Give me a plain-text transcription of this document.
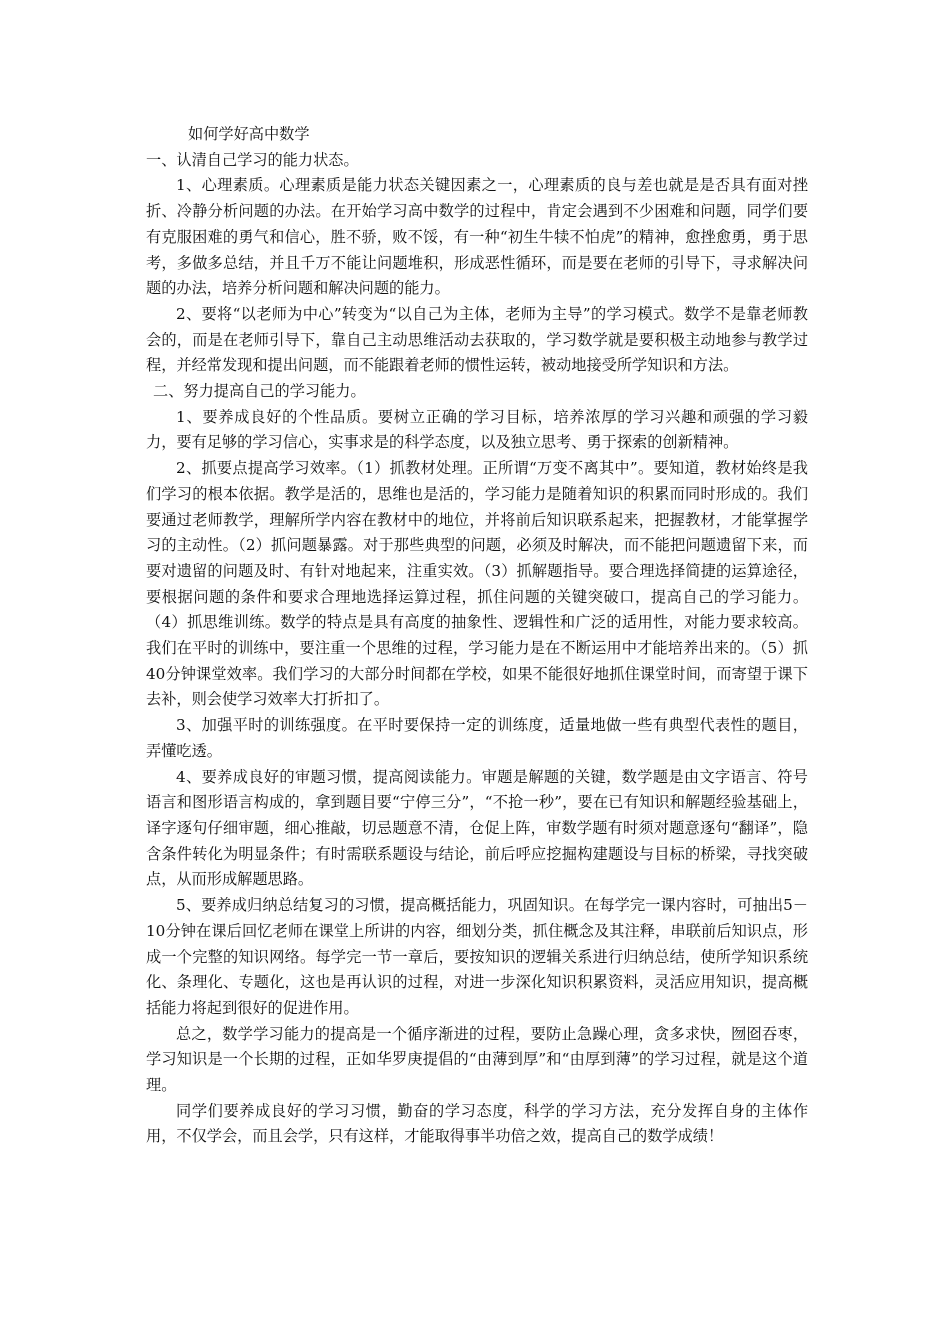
如何学好高中数学
一、认清自己学习的能力状态。

1、心理素质。心理素质是能力状态关键因素之一，心理素质的良与差也就是是否具有面对挫折、冷静分析问题的办法。在开始学习高中数学的过程中，肯定会遇到不少困难和问题，同学们要有克服困难的勇气和信心，胜不骄，败不馁，有一种“初生牛犊不怕虎”的精神，愈挫愈勇，勇于思考，多做多总结，并且千万不能让问题堆积，形成恶性循环，而是要在老师的引导下，寻求解决问题的办法，培养分析问题和解决问题的能力。

2、要将“以老师为中心”转变为“以自己为主体，老师为主导”的学习模式。数学不是靠老师教会的，而是在老师引导下，靠自己主动思维活动去获取的，学习数学就是要积极主动地参与教学过程，并经常发现和提出问题，而不能跟着老师的惯性运转，被动地接受所学知识和方法。

二、努力提高自己的学习能力。

1、要养成良好的个性品质。要树立正确的学习目标，培养浓厚的学习兴趣和顽强的学习毅力，要有足够的学习信心，实事求是的科学态度，以及独立思考、勇于探索的创新精神。

2、抓要点提高学习效率。（1）抓教材处理。正所谓“万变不离其中”。要知道，教材始终是我们学习的根本依据。教学是活的，思维也是活的，学习能力是随着知识的积累而同时形成的。我们要通过老师教学，理解所学内容在教材中的地位，并将前后知识联系起来，把握教材，才能掌握学习的主动性。（2）抓问题暴露。对于那些典型的问题，必须及时解决，而不能把问题遗留下来，而要对遗留的问题及时、有针对地起来，注重实效。（3）抓解题指导。要合理选择简捷的运算途径，要根据问题的条件和要求合理地选择运算过程，抓住问题的关键突破口，提高自己的学习能力。（4）抓思维训练。数学的特点是具有高度的抽象性、逻辑性和广泛的适用性，对能力要求较高。我们在平时的训练中，要注重一个思维的过程，学习能力是在不断运用中才能培养出来的。（5）抓40分钟课堂效率。我们学习的大部分时间都在学校，如果不能很好地抓住课堂时间，而寄望于课下去补，则会使学习效率大打折扣了。

3、加强平时的训练强度。在平时要保持一定的训练度，适量地做一些有典型代表性的题目，弄懂吃透。

4、要养成良好的审题习惯，提高阅读能力。审题是解题的关键，数学题是由文字语言、符号语言和图形语言构成的，拿到题目要“宁停三分”，“不抢一秒”，要在已有知识和解题经验基础上，译字逐句仔细审题，细心推敲，切忌题意不清，仓促上阵，审数学题有时须对题意逐句“翻译”，隐含条件转化为明显条件；有时需联系题设与结论，前后呼应挖掘构建题设与目标的桥梁，寻找突破点，从而形成解题思路。

5、要养成归纳总结复习的习惯，提高概括能力，巩固知识。在每学完一课内容时，可抽出5－10分钟在课后回忆老师在课堂上所讲的内容，细划分类，抓住概念及其注释，串联前后知识点，形成一个完整的知识网络。每学完一节一章后，要按知识的逻辑关系进行归纳总结，使所学知识系统化、条理化、专题化，这也是再认识的过程，对进一步深化知识积累资料，灵活应用知识，提高概括能力将起到很好的促进作用。

总之，数学学习能力的提高是一个循序渐进的过程，要防止急躁心理，贪多求快，囫囵吞枣，学习知识是一个长期的过程，正如华罗庚提倡的“由薄到厚”和“由厚到薄”的学习过程，就是这个道理。

同学们要养成良好的学习习惯，勤奋的学习态度，科学的学习方法，充分发挥自身的主体作用，不仅学会，而且会学，只有这样，才能取得事半功倍之效，提高自己的数学成绩！
